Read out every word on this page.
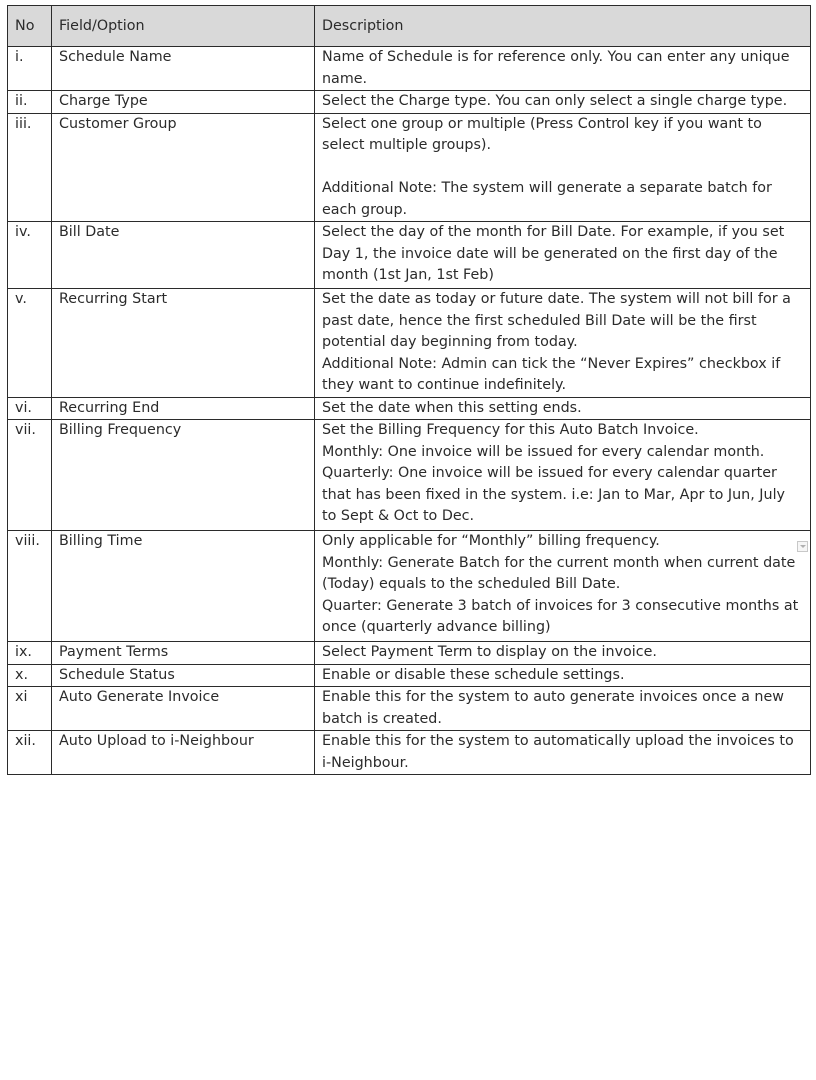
No	Field/Option	Description
i.	Schedule Name	Name of Schedule is for reference only. You can enter any unique name.

ii.	Charge Type	Select the Charge type. You can only select a single charge type.

iii.	Customer Group	Select one group or multiple (Press Control key if you want to select multiple groups).

Additional Note: The system will generate a separate batch for each group.

iv.	Bill Date	Select the day of the month for Bill Date. For example, if you set Day 1, the invoice date will be generated on the first day of the month (1st Jan, 1st Feb)

v.	Recurring Start	Set the date as today or future date. The system will not bill for a past date, hence the first scheduled Bill Date will be the first potential day beginning from today.

Additional Note: Admin can tick the “Never Expires” checkbox if they want to continue indefinitely.

vi.	Recurring End	Set the date when this setting ends.

vii.	Billing Frequency	Set the Billing Frequency for this Auto Batch Invoice.

Monthly: One invoice will be issued for every calendar month.

Quarterly: One invoice will be issued for every calendar quarter that has been fixed in the system. i.e: Jan to Mar, Apr to Jun, July to Sept & Oct to Dec.

viii.	Billing Time	Only applicable for “Monthly” billing frequency.

Monthly: Generate Batch for the current month when current date (Today) equals to the scheduled Bill Date.

Quarter: Generate 3 batch of invoices for 3 consecutive months at once (quarterly advance billing)

ix.	Payment Terms	Select Payment Term to display on the invoice.

x.	Schedule Status	Enable or disable these schedule settings.

xi	Auto Generate Invoice	Enable this for the system to auto generate invoices once a new batch is created.

xii.	Auto Upload to i-Neighbour	Enable this for the system to automatically upload the invoices to i-Neighbour.
